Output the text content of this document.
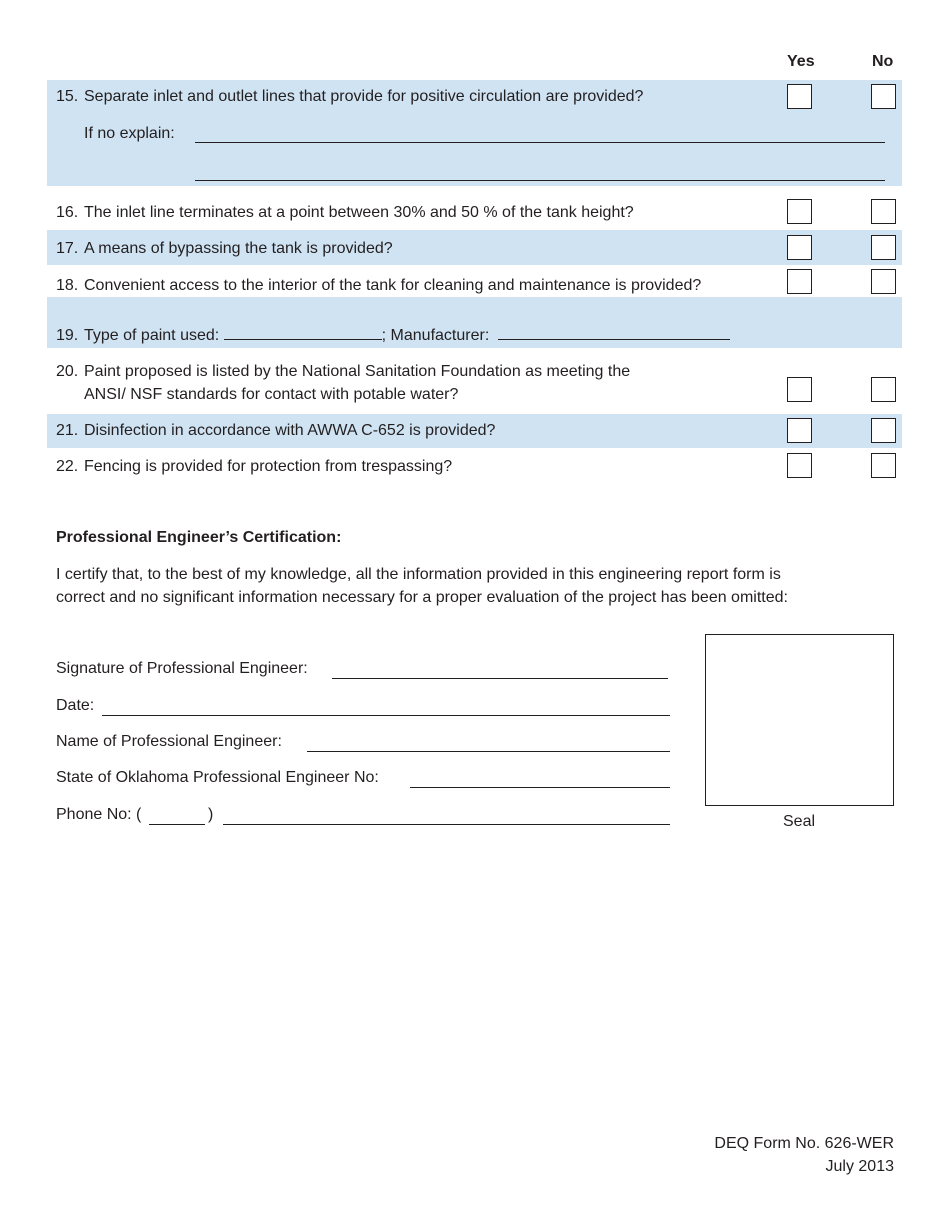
Yes	No
15. Separate inlet and outlet lines that provide for positive circulation are provided?
If no explain:
16. The inlet line terminates at a point between 30% and 50 % of the tank height?
17. A means of bypassing the tank is provided?
18. Convenient access to the interior of the tank for cleaning and maintenance is provided?
19. Type of paint used:	; Manufacturer:
20. Paint proposed is listed by the National Sanitation Foundation as meeting the
ANSI/ NSF standards for contact with potable water?
21. Disinfection in accordance with AWWA C-652 is provided?
22. Fencing is provided for protection from trespassing?
Professional Engineer’s Certification:
I certify that, to the best of my knowledge, all the information provided in this engineering report form is
correct and no significant information necessary for a proper evaluation of the project has been omitted:
Signature of Professional Engineer:
Date:
Name of Professional Engineer:
State of Oklahoma Professional Engineer No:
Phone No: (	)	Seal
DEQ Form No. 626-WER
July 2013
